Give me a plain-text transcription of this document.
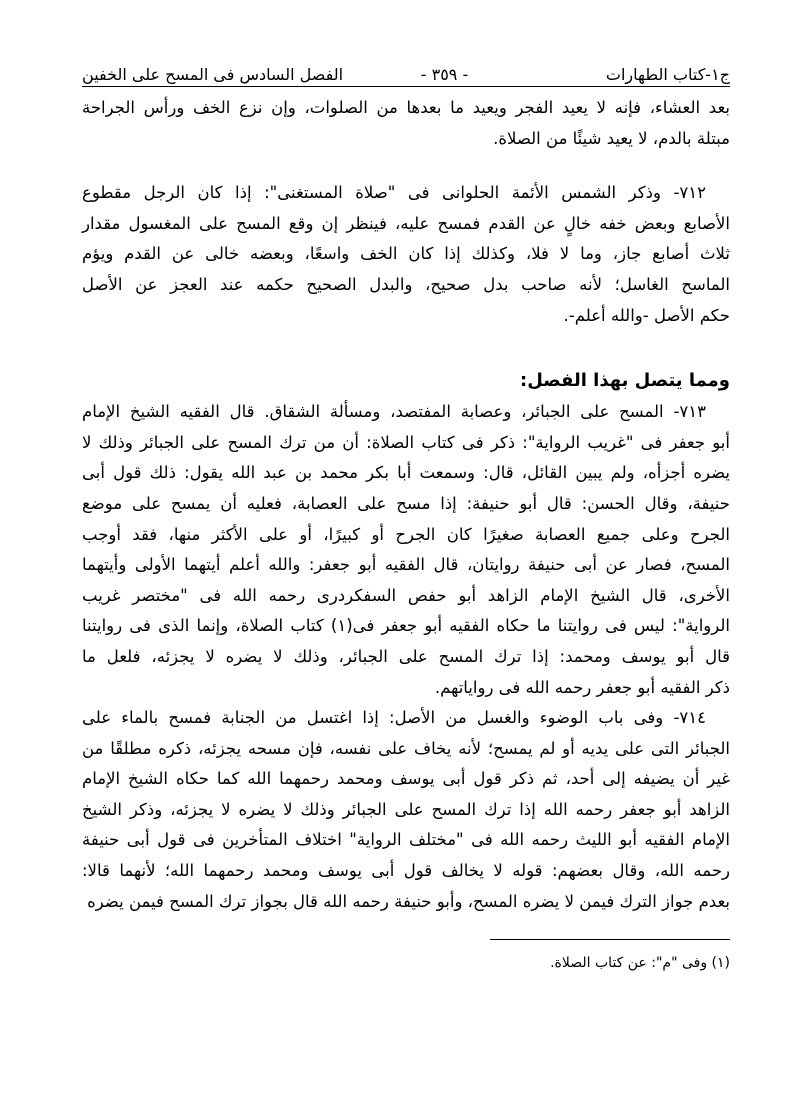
ج١-كتاب الطهارات
- ٣٥٩ -
الفصل السادس فى المسح على الخفين
بعد العشاء، فإنه لا يعيد الفجر ويعيد ما بعدها من الصلوات، وإن نزع الخف ورأس الجراحة
مبتلة بالدم، لا يعيد شيئًا من الصلاة.
٧١٢- وذكر الشمس الأئمة الحلوانى فى "صلاة المستغنى": إذا كان الرجل مقطوع
الأصابع وبعض خفه خالٍ عن القدم فمسح عليه، فينظر إن وقع المسح على المغسول مقدار
ثلاث أصابع جاز، وما لا فلا، وكذلك إذا كان الخف واسعًا، وبعضه خالى عن القدم ويؤم
الماسح الغاسل؛ لأنه صاحب بدل صحيح، والبدل الصحيح حكمه عند العجز عن الأصل
حكم الأصل -والله أعلم-.
ومما يتصل بهذا الفصل:
٧١٣- المسح على الجبائر، وعصابة المفتصد، ومسألة الشقاق. قال الفقيه الشيخ الإمام
أبو جعفر فى "غريب الرواية": ذكر فى كتاب الصلاة: أن من ترك المسح على الجبائر وذلك لا
يضره أجزأه، ولم يبين القائل، قال: وسمعت أبا بكر محمد بن عبد الله يقول: ذلك قول أبى
حنيفة، وقال الحسن: قال أبو حنيفة: إذا مسح على العصابة، فعليه أن يمسح على موضع
الجرح وعلى جميع العصابة صغيرًا كان الجرح أو كبيرًا، أو على الأكثر منها، فقد أوجب
المسح، فصار عن أبى حنيفة روايتان، قال الفقيه أبو جعفر: والله أعلم أيتهما الأولى وأيتهما
الأخرى، قال الشيخ الإمام الزاهد أبو حفص السفكردرى رحمه الله فى "مختصر غريب
الرواية": ليس فى روايتنا ما حكاه الفقيه أبو جعفر فى(١) كتاب الصلاة، وإنما الذى فى روايتنا
قال أبو يوسف ومحمد: إذا ترك المسح على الجبائر، وذلك لا يضره لا يجزئه، فلعل ما
ذكر الفقيه أبو جعفر رحمه الله فى رواياتهم.
٧١٤- وفى باب الوضوء والغسل من الأصل: إذا اغتسل من الجنابة فمسح بالماء على
الجبائر التى على يديه أو لم يمسح؛ لأنه يخاف على نفسه، فإن مسحه يجزئه، ذكره مطلقًا من
غير أن يضيفه إلى أحد، ثم ذكر قول أبى يوسف ومحمد رحمهما الله كما حكاه الشيخ الإمام
الزاهد أبو جعفر رحمه الله إذا ترك المسح على الجبائر وذلك لا يضره لا يجزئه، وذكر الشيخ
الإمام الفقيه أبو الليث رحمه الله فى "مختلف الرواية" اختلاف المتأخرين فى قول أبى حنيفة
رحمه الله، وقال بعضهم: قوله لا يخالف قول أبى يوسف ومحمد رحمهما الله؛ لأنهما قالا:
بعدم جواز الترك فيمن لا يضره المسح، وأبو حنيفة رحمه الله قال بجواز ترك المسح فيمن يضره
(١) وفى "م": عن كتاب الصلاة.
